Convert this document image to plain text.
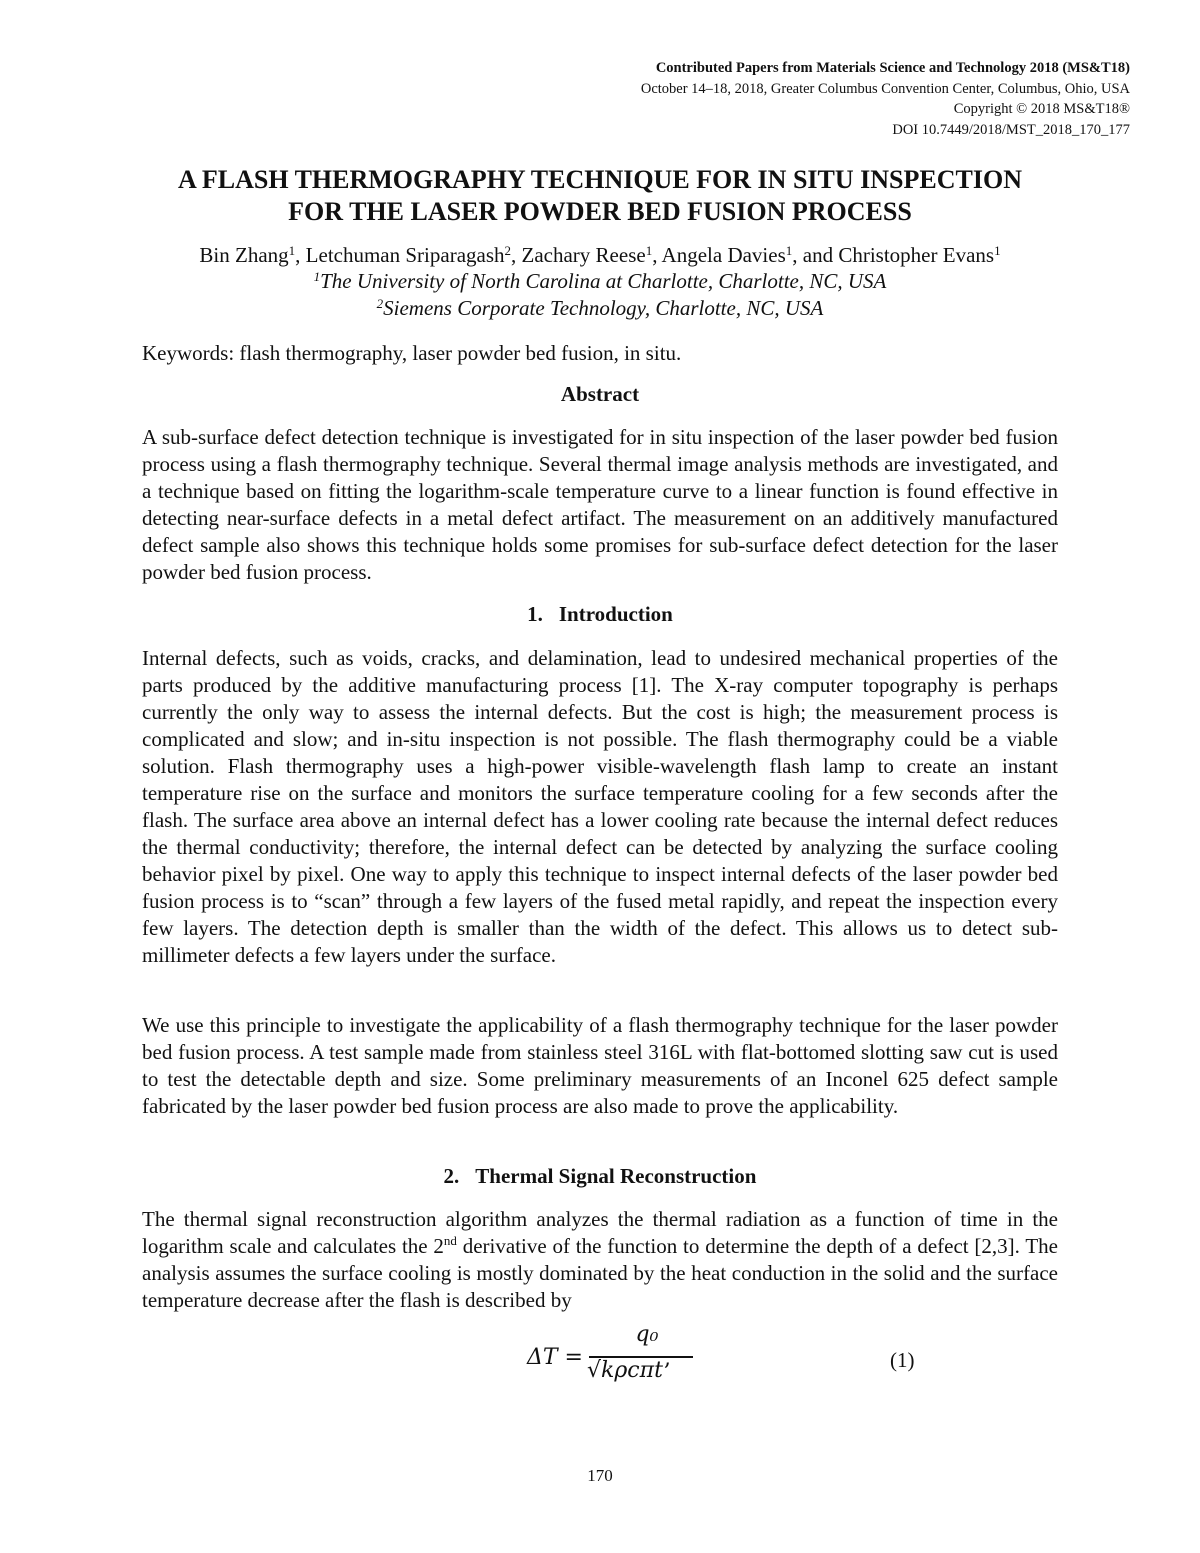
Contributed Papers from Materials Science and Technology 2018 (MS&T18)
October 14–18, 2018, Greater Columbus Convention Center, Columbus, Ohio, USA
Copyright © 2018 MS&T18®
DOI 10.7449/2018/MST_2018_170_177
A FLASH THERMOGRAPHY TECHNIQUE FOR IN SITU INSPECTION
FOR THE LASER POWDER BED FUSION PROCESS
Bin Zhang$^1$, Letchuman Sriparagash$^2$, Zachary Reese$^1$, Angela Davies$^1$, and Christopher Evans$^1$
$^1$The University of North Carolina at Charlotte, Charlotte, NC, USA
$^2$Siemens Corporate Technology, Charlotte, NC, USA
Keywords: flash thermography, laser powder bed fusion, in situ.
Abstract

A sub-surface defect detection technique is investigated for in situ inspection of the laser powder bed fusion process using a flash thermography technique. Several thermal image analysis methods are investigated, and a technique based on fitting the logarithm-scale temperature curve to a linear function is found effective in detecting near-surface defects in a metal defect artifact. The measurement on an additively manufactured defect sample also shows this technique holds some promises for sub-surface defect detection for the laser powder bed fusion process.

1. Introduction

Internal defects, such as voids, cracks, and delamination, lead to undesired mechanical properties of the parts produced by the additive manufacturing process [1]. The X-ray computer topography is perhaps currently the only way to assess the internal defects. But the cost is high; the measurement process is complicated and slow; and in-situ inspection is not possible. The flash thermography could be a viable solution. Flash thermography uses a high-power visible-wavelength flash lamp to create an instant temperature rise on the surface and monitors the surface temperature cooling for a few seconds after the flash. The surface area above an internal defect has a lower cooling rate because the internal defect reduces the thermal conductivity; therefore, the internal defect can be detected by analyzing the surface cooling behavior pixel by pixel. One way to apply this technique to inspect internal defects of the laser powder bed fusion process is to “scan” through a few layers of the fused metal rapidly, and repeat the inspection every few layers. The detection depth is smaller than the width of the defect. This allows us to detect sub-millimeter defects a few layers under the surface.

We use this principle to investigate the applicability of a flash thermography technique for the laser powder bed fusion process. A test sample made from stainless steel 316L with flat-bottomed slotting saw cut is used to test the detectable depth and size. Some preliminary measurements of an Inconel 625 defect sample fabricated by the laser powder bed fusion process are also made to prove the applicability.

2. Thermal Signal Reconstruction

The thermal signal reconstruction algorithm analyzes the thermal radiation as a function of time in the logarithm scale and calculates the 2nd derivative of the function to determine the depth of a defect [2,3]. The analysis assumes the surface cooling is mostly dominated by the heat conduction in the solid and the surface temperature decrease after the flash is described by

ΔT =
q₀
√kρcπt ,	(1)
170
